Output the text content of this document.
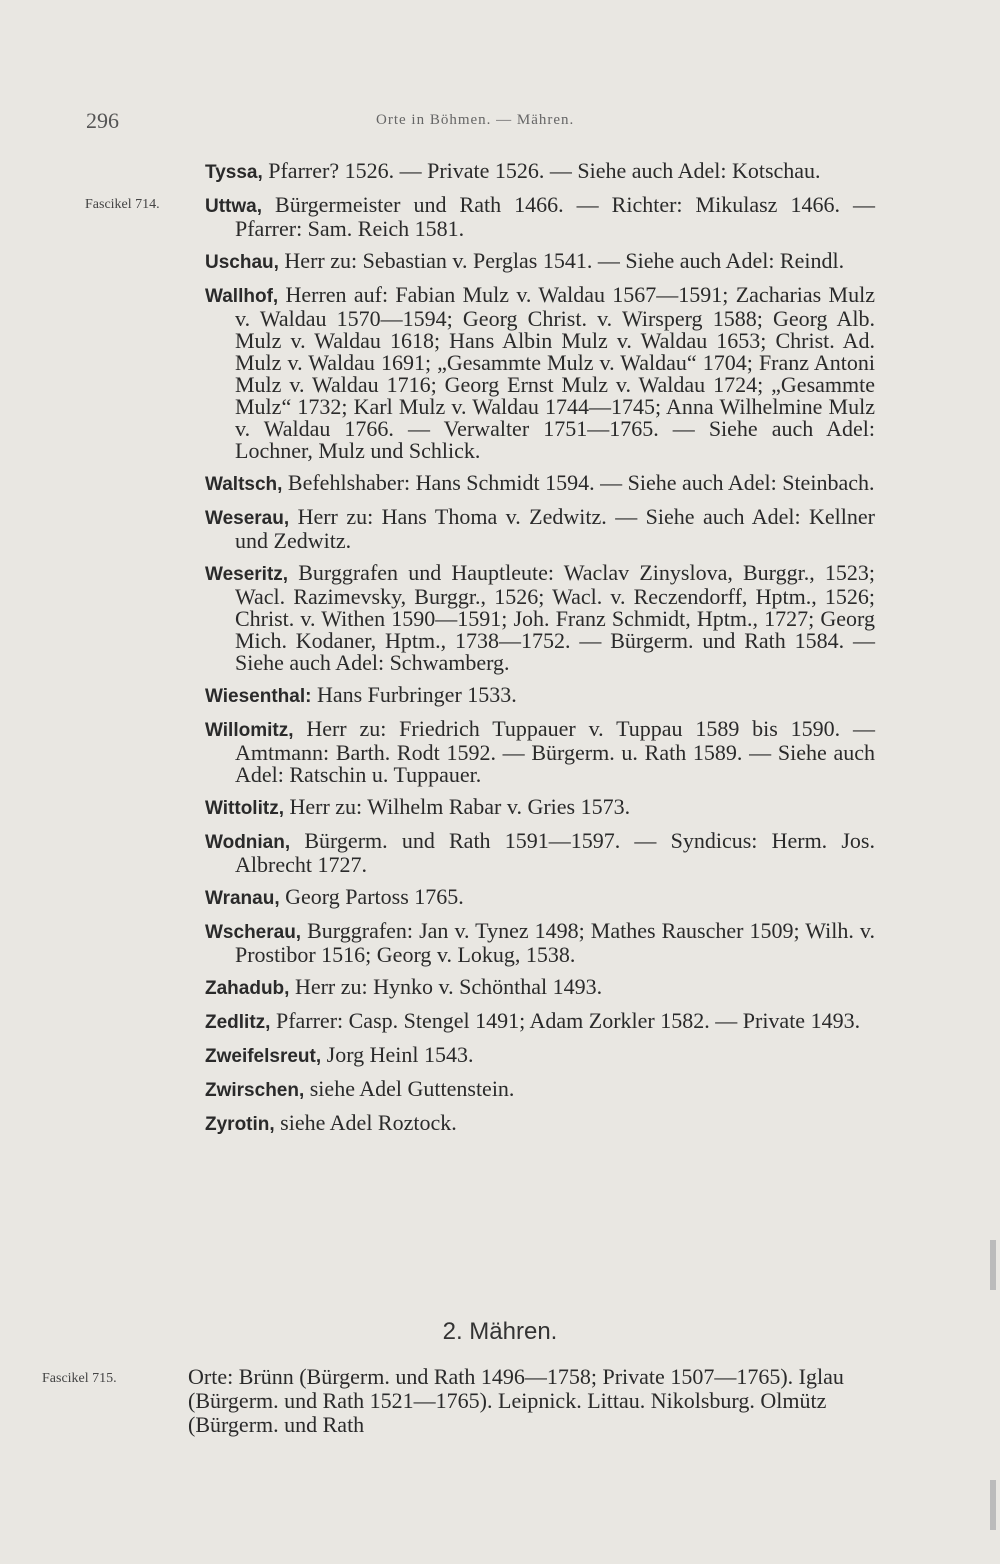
296	Orte in Böhmen. — Mähren.
Tyssa, Pfarrer? 1526. — Private 1526. — Siehe auch Adel: Kotschau.
Fascikel 714. Uttwa, Bürgermeister und Rath 1466. — Richter: Mikulasz 1466. — Pfarrer: Sam. Reich 1581.
Uschau, Herr zu: Sebastian v. Perglas 1541. — Siehe auch Adel: Reindl.
Wallhof, Herren auf: Fabian Mulz v. Waldau 1567—1591; Zacharias Mulz v. Waldau 1570—1594; Georg Christ. v. Wirsperg 1588; Georg Alb. Mulz v. Waldau 1618; Hans Albin Mulz v. Waldau 1653; Christ. Ad. Mulz v. Waldau 1691; „Gesammte Mulz v. Waldau“ 1704; Franz Antoni Mulz v. Waldau 1716; Georg Ernst Mulz v. Waldau 1724; „Gesammte Mulz“ 1732; Karl Mulz v. Waldau 1744—1745; Anna Wilhelmine Mulz v. Waldau 1766. — Verwalter 1751—1765. — Siehe auch Adel: Lochner, Mulz und Schlick.
Waltsch, Befehlshaber: Hans Schmidt 1594. — Siehe auch Adel: Steinbach.
Weserau, Herr zu: Hans Thoma v. Zedwitz. — Siehe auch Adel: Kellner und Zedwitz.
Weseritz, Burggrafen und Hauptleute: Waclav Zinyslova, Burggr., 1523; Wacl. Razimevsky, Burggr., 1526; Wacl. v. Reczendorff, Hptm., 1526; Christ. v. Withen 1590—1591; Joh. Franz Schmidt, Hptm., 1727; Georg Mich. Kodaner, Hptm., 1738—1752. — Bürgerm. und Rath 1584. — Siehe auch Adel: Schwamberg.
Wiesenthal: Hans Furbringer 1533.
Willomitz, Herr zu: Friedrich Tuppauer v. Tuppau 1589 bis 1590. — Amtmann: Barth. Rodt 1592. — Bürgerm. u. Rath 1589. — Siehe auch Adel: Ratschin u. Tuppauer.
Wittolitz, Herr zu: Wilhelm Rabar v. Gries 1573.
Wodnian, Bürgerm. und Rath 1591—1597. — Syndicus: Herm. Jos. Albrecht 1727.
Wranau, Georg Partoss 1765.
Wscherau, Burggrafen: Jan v. Tynez 1498; Mathes Rauscher 1509; Wilh. v. Prostibor 1516; Georg v. Lokug, 1538.
Zahadub, Herr zu: Hynko v. Schönthal 1493.
Zedlitz, Pfarrer: Casp. Stengel 1491; Adam Zorkler 1582. — Private 1493.
Zweifelsreut, Jorg Heinl 1543.
Zwirschen, siehe Adel Guttenstein.
Zyrotin, siehe Adel Roztock.
2. Mähren.
Fascikel 715.	Orte: Brünn (Bürgerm. und Rath 1496—1758; Private 1507—1765). Iglau (Bürgerm. und Rath 1521—1765). Leipnick. Littau. Nikolsburg. Olmütz (Bürgerm. und Rath
